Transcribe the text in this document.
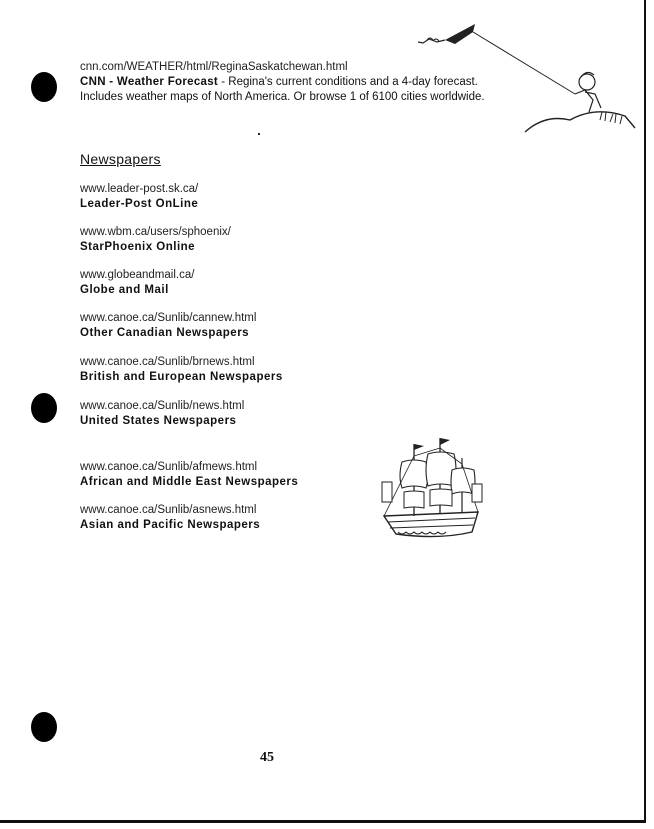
cnn.com/WEATHER/html/ReginaSaskatchewan.html
CNN - Weather Forecast - Regina's current conditions and a 4-day forecast.
Includes weather maps of North America. Or browse 1 of 6100 cities worldwide.
Newspapers
www.leader-post.sk.ca/
Leader-Post OnLine
www.wbm.ca/users/sphoenix/
StarPhoenix Online
www.globeandmail.ca/
Globe and Mail
www.canoe.ca/Sunlib/cannew.html
Other Canadian Newspapers
www.canoe.ca/Sunlib/brnews.html
British and European Newspapers
www.canoe.ca/Sunlib/news.html
United States Newspapers
www.canoe.ca/Sunlib/afmews.html
African and Middle East Newspapers
www.canoe.ca/Sunlib/asnews.html
Asian and Pacific Newspapers
45
